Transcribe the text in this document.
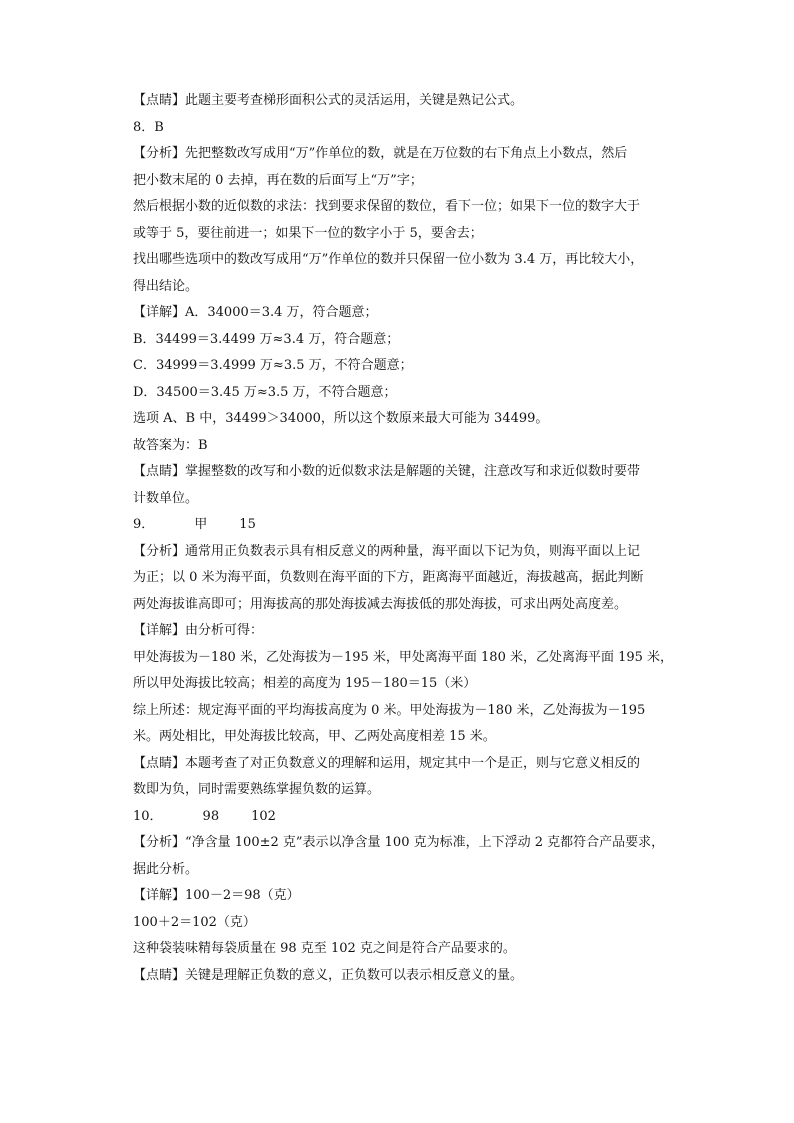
【点睛】此题主要考查梯形面积公式的灵活运用，关键是熟记公式。

8．B

【分析】先把整数改写成用“万”作单位的数，就是在万位数的右下角点上小数点，然后

把小数末尾的 0 去掉，再在数的后面写上“万”字；

然后根据小数的近似数的求法：找到要求保留的数位，看下一位；如果下一位的数字大于

或等于 5，要往前进一；如果下一位的数字小于 5，要舍去；

找出哪些选项中的数改写成用“万”作单位的数并只保留一位小数为 3.4 万，再比较大小，

得出结论。

【详解】A．34000＝3.4 万，符合题意；

B．34499＝3.4499 万≈3.4 万，符合题意；

C．34999＝3.4999 万≈3.5 万，不符合题意；

D．34500＝3.45 万≈3.5 万，不符合题意；

选项 A、B 中，34499＞34000，所以这个数原来最大可能为 34499。

故答案为：B

【点睛】掌握整数的改写和小数的近似数求法是解题的关键，注意改写和求近似数时要带

计数单位。

9．	甲 15

【分析】通常用正负数表示具有相反意义的两种量，海平面以下记为负，则海平面以上记

为正；以 0 米为海平面，负数则在海平面的下方，距离海平面越近，海拔越高，据此判断

两处海拔谁高即可；用海拔高的那处海拔减去海拔低的那处海拔，可求出两处高度差。

【详解】由分析可得：

甲处海拔为－180 米，乙处海拔为－195 米，甲处离海平面 180 米，乙处离海平面 195 米，

所以甲处海拔比较高；相差的高度为 195－180＝15（米）

综上所述：规定海平面的平均海拔高度为 0 米。甲处海拔为－180 米，乙处海拔为－195

米。两处相比，甲处海拔比较高，甲、乙两处高度相差 15 米。

【点睛】本题考查了对正负数意义的理解和运用，规定其中一个是正，则与它意义相反的

数即为负，同时需要熟练掌握负数的运算。

10．	98 102

【分析】“净含量 100±2 克”表示以净含量 100 克为标准，上下浮动 2 克都符合产品要求，

据此分析。

【详解】100－2＝98（克）

100＋2＝102（克）

这种袋装味精每袋质量在 98 克至 102 克之间是符合产品要求的。

【点睛】关键是理解正负数的意义，正负数可以表示相反意义的量。
